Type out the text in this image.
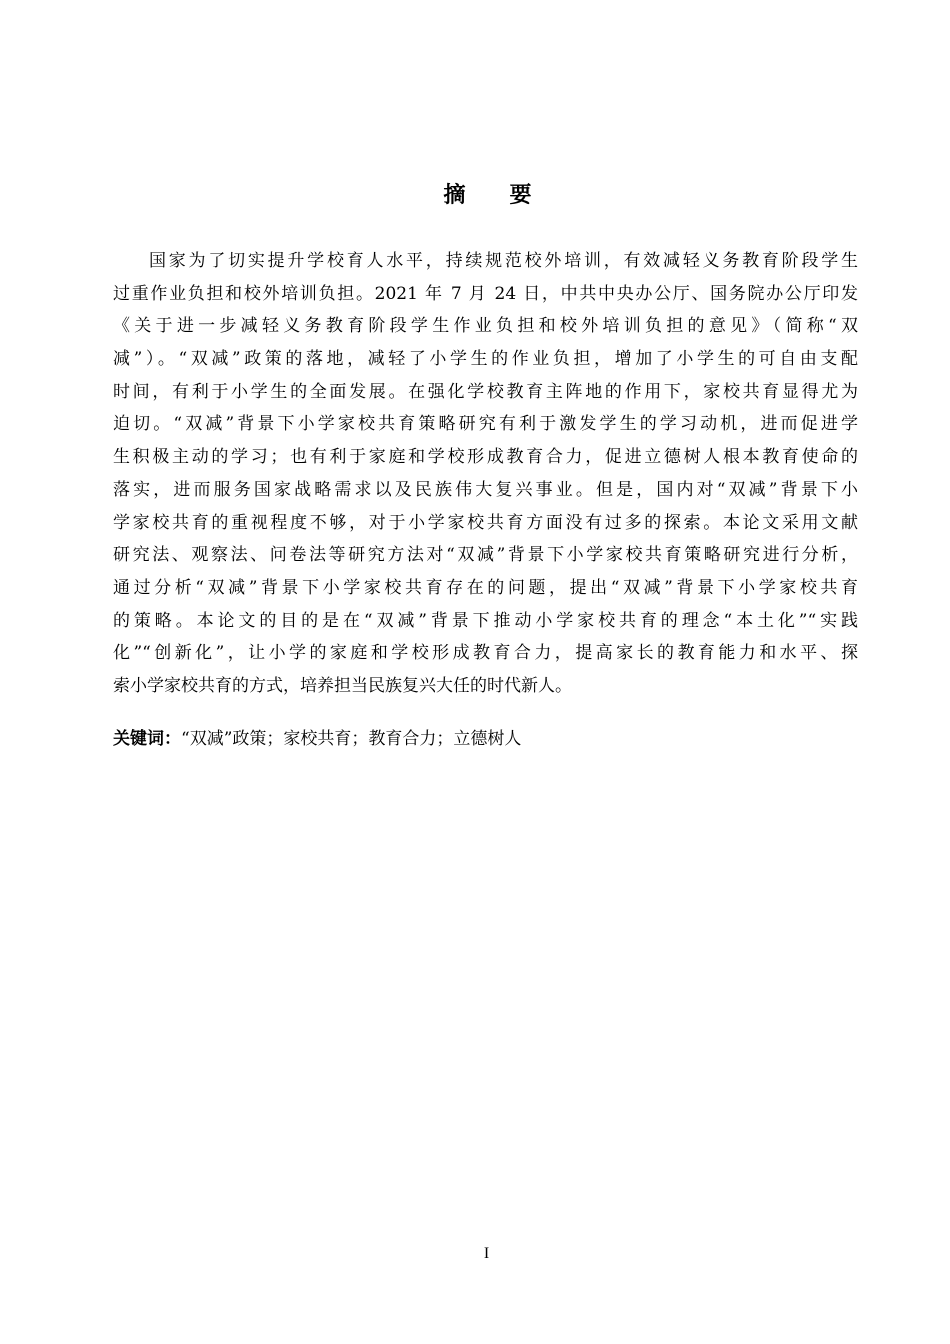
摘 要
国家为了切实提升学校育人水平，持续规范校外培训，有效减轻义务教育阶段学生
过重作业负担和校外培训负担。2021 年 7 月 24 日，中共中央办公厅、国务院办公厅印发
《关于进一步减轻义务教育阶段学生作业负担和校外培训负担的意见》（简称“双
减”）。“双减”政策的落地，减轻了小学生的作业负担，增加了小学生的可自由支配
时间，有利于小学生的全面发展。在强化学校教育主阵地的作用下，家校共育显得尤为
迫切。“双减”背景下小学家校共育策略研究有利于激发学生的学习动机，进而促进学
生积极主动的学习；也有利于家庭和学校形成教育合力，促进立德树人根本教育使命的
落实，进而服务国家战略需求以及民族伟大复兴事业。但是，国内对“双减”背景下小
学家校共育的重视程度不够，对于小学家校共育方面没有过多的探索。本论文采用文献
研究法、观察法、问卷法等研究方法对“双减”背景下小学家校共育策略研究进行分析，
通过分析“双减”背景下小学家校共育存在的问题，提出“双减”背景下小学家校共育
的策略。本论文的目的是在“双减”背景下推动小学家校共育的理念“本土化”“实践
化”“创新化”，让小学的家庭和学校形成教育合力，提高家长的教育能力和水平、探
索小学家校共育的方式，培养担当民族复兴大任的时代新人。
关键词：“双减”政策；家校共育；教育合力；立德树人
I
